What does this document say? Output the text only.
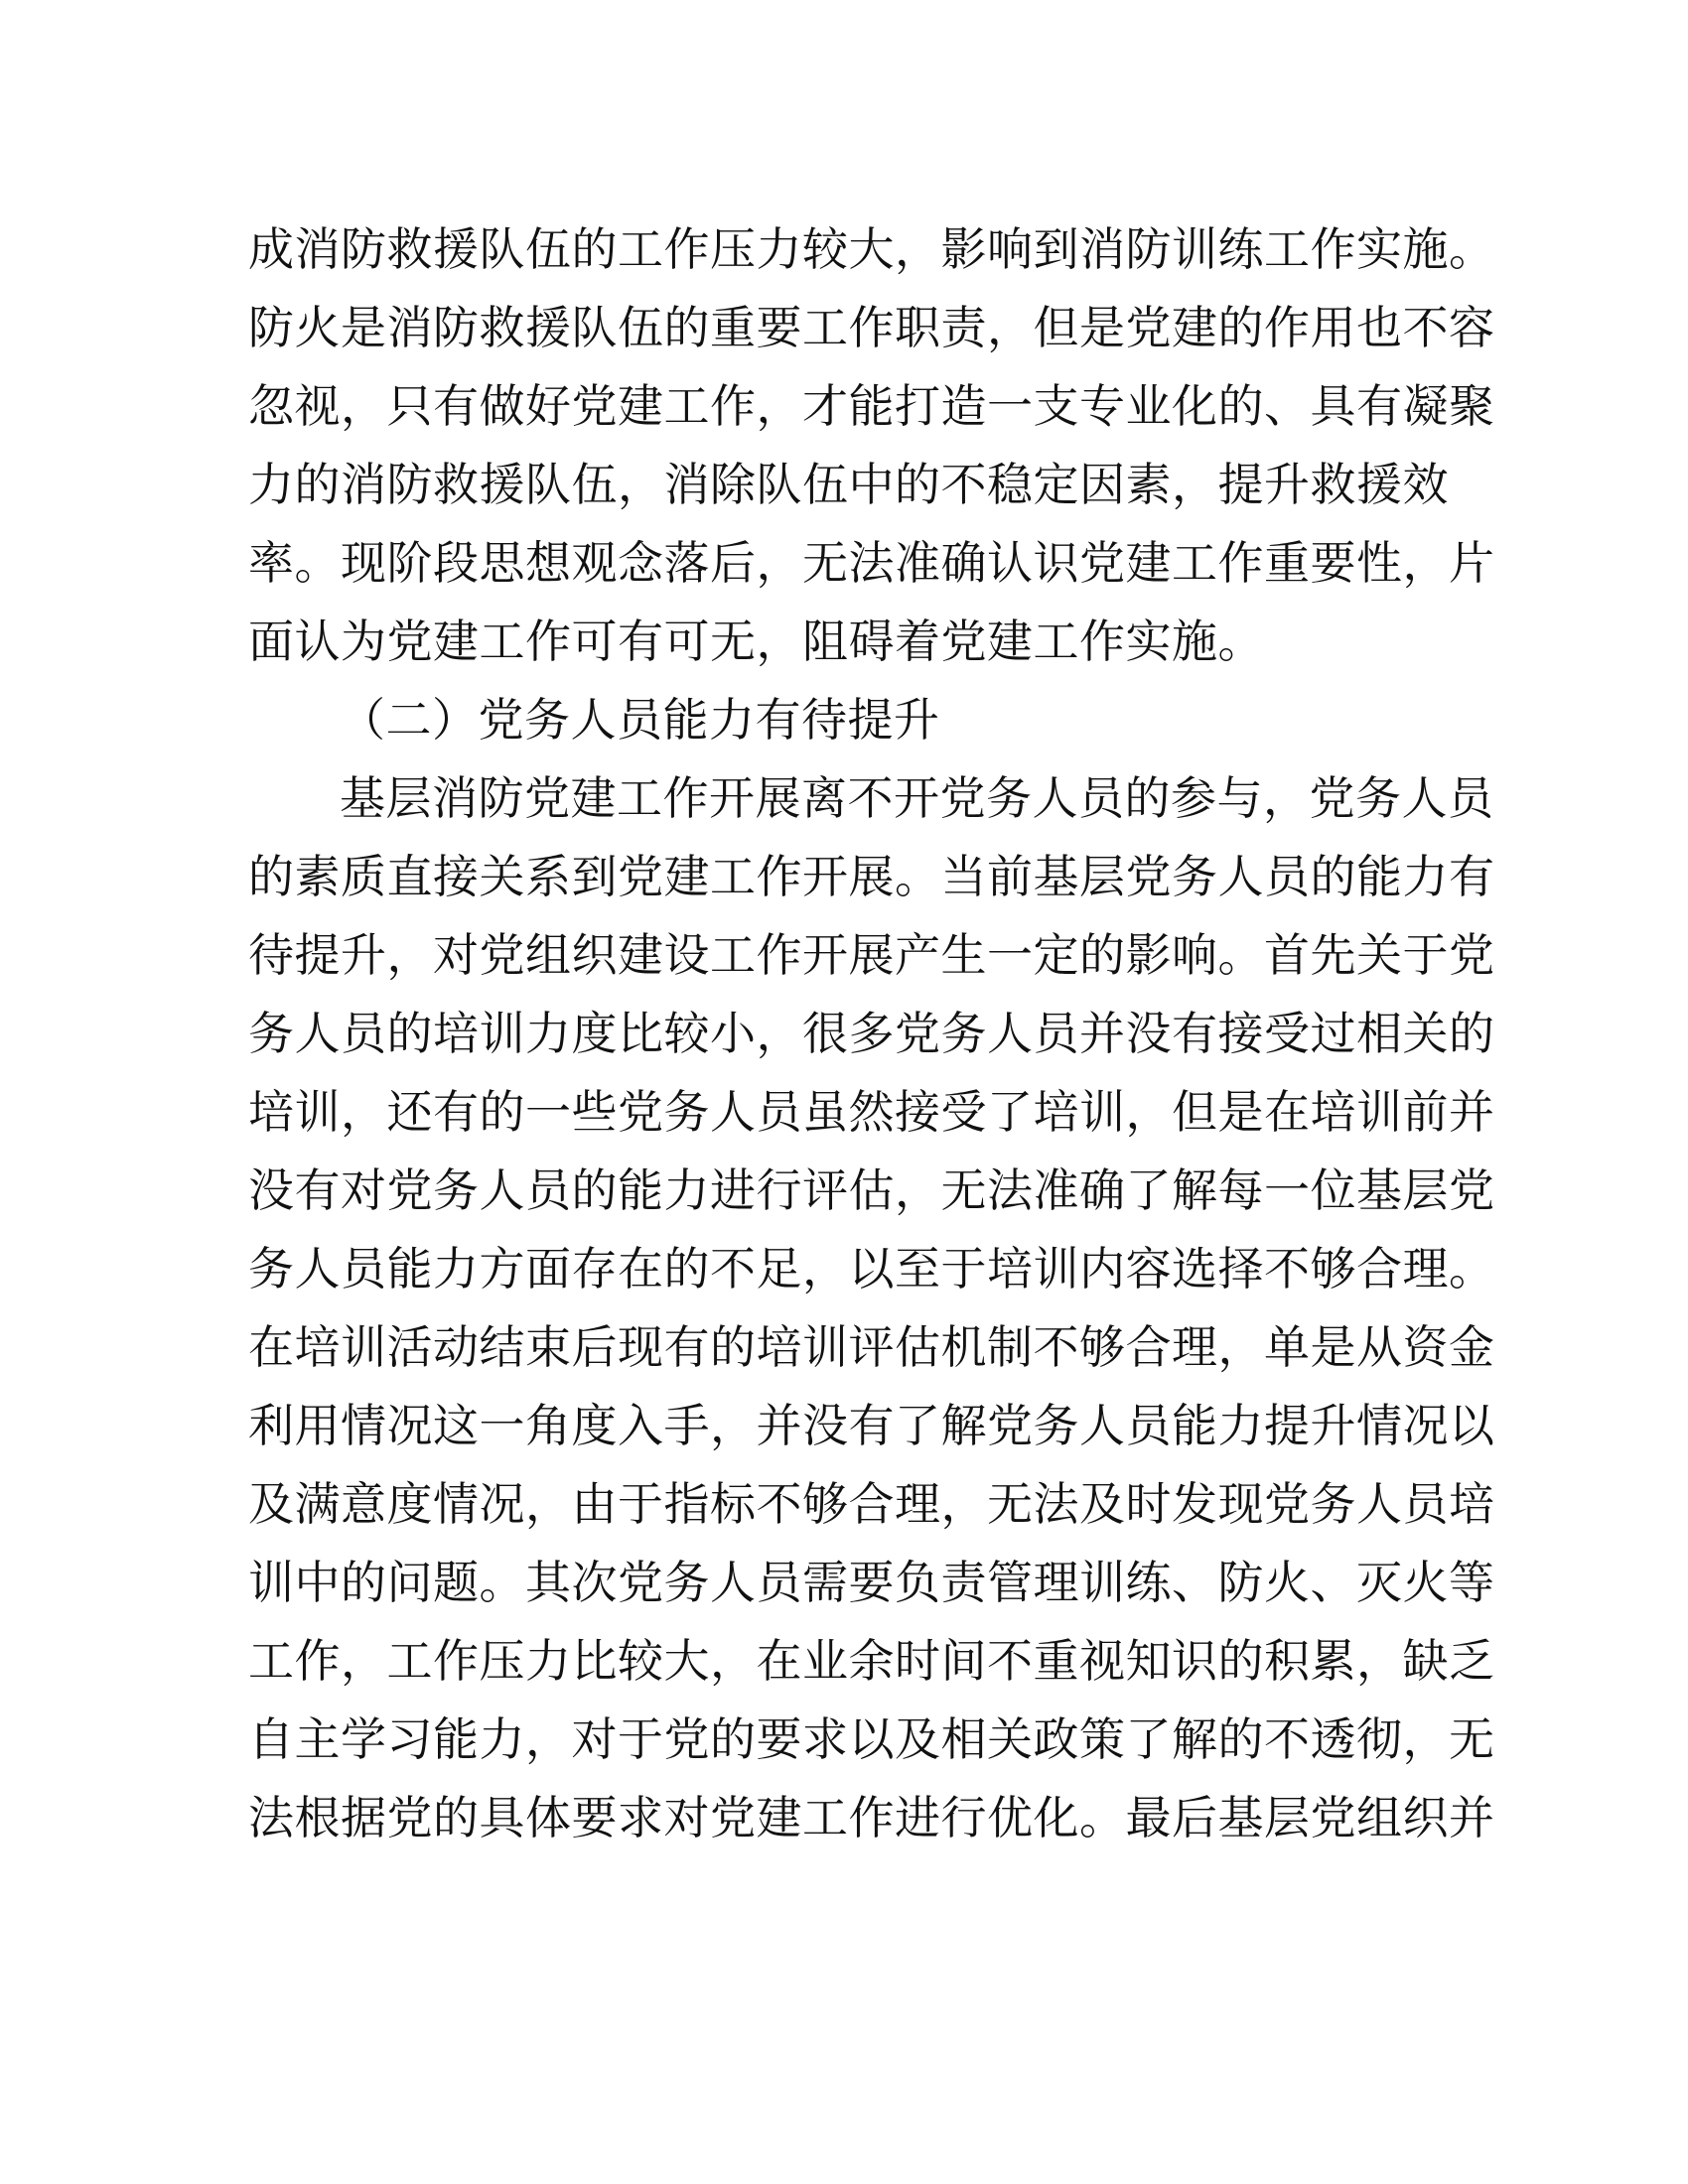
成消防救援队伍的工作压力较大，影响到消防训练工作实施。
防火是消防救援队伍的重要工作职责，但是党建的作用也不容
忽视，只有做好党建工作，才能打造一支专业化的、具有凝聚
力的消防救援队伍，消除队伍中的不稳定因素，提升救援效
率。现阶段思想观念落后，无法准确认识党建工作重要性，片
面认为党建工作可有可无，阻碍着党建工作实施。
（二）党务人员能力有待提升
基层消防党建工作开展离不开党务人员的参与，党务人员
的素质直接关系到党建工作开展。当前基层党务人员的能力有
待提升，对党组织建设工作开展产生一定的影响。首先关于党
务人员的培训力度比较小，很多党务人员并没有接受过相关的
培训，还有的一些党务人员虽然接受了培训，但是在培训前并
没有对党务人员的能力进行评估，无法准确了解每一位基层党
务人员能力方面存在的不足，以至于培训内容选择不够合理。
在培训活动结束后现有的培训评估机制不够合理，单是从资金
利用情况这一角度入手，并没有了解党务人员能力提升情况以
及满意度情况，由于指标不够合理，无法及时发现党务人员培
训中的问题。其次党务人员需要负责管理训练、防火、灭火等
工作，工作压力比较大，在业余时间不重视知识的积累，缺乏
自主学习能力，对于党的要求以及相关政策了解的不透彻，无
法根据党的具体要求对党建工作进行优化。最后基层党组织并
